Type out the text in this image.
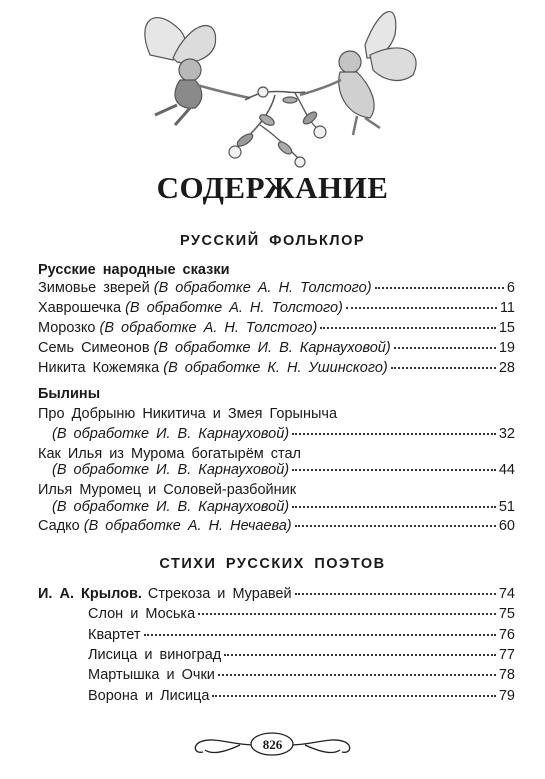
СОДЕРЖАНИЕ
РУССКИЙ ФОЛЬКЛОР
Русские народные сказки
Зимовье зверей (В обработке А. Н. Толстого)	6
Хаврошечка (В обработке А. Н. Толстого)	11
Морозко (В обработке А. Н. Толстого)	15
Семь Симеонов (В обработке И. В. Карнауховой)	19
Никита Кожемяка (В обработке К. Н. Ушинского)	28
Былины
Про Добрыню Никитича и Змея Горыныча
(В обработке И. В. Карнауховой)	32
Как Илья из Мурома богатырём стал
(В обработке И. В. Карнауховой)	44
Илья Муромец и Соловей-разбойник
(В обработке И. В. Карнауховой)	51
Садко (В обработке А. Н. Нечаева)	60
СТИХИ РУССКИХ ПОЭТОВ
И. А. Крылов. Стрекоза и Муравей	74
Слон и Моська	75
Квартет	76
Лисица и виноград	77
Мартышка и Очки	78
Ворона и Лисица	79
826
